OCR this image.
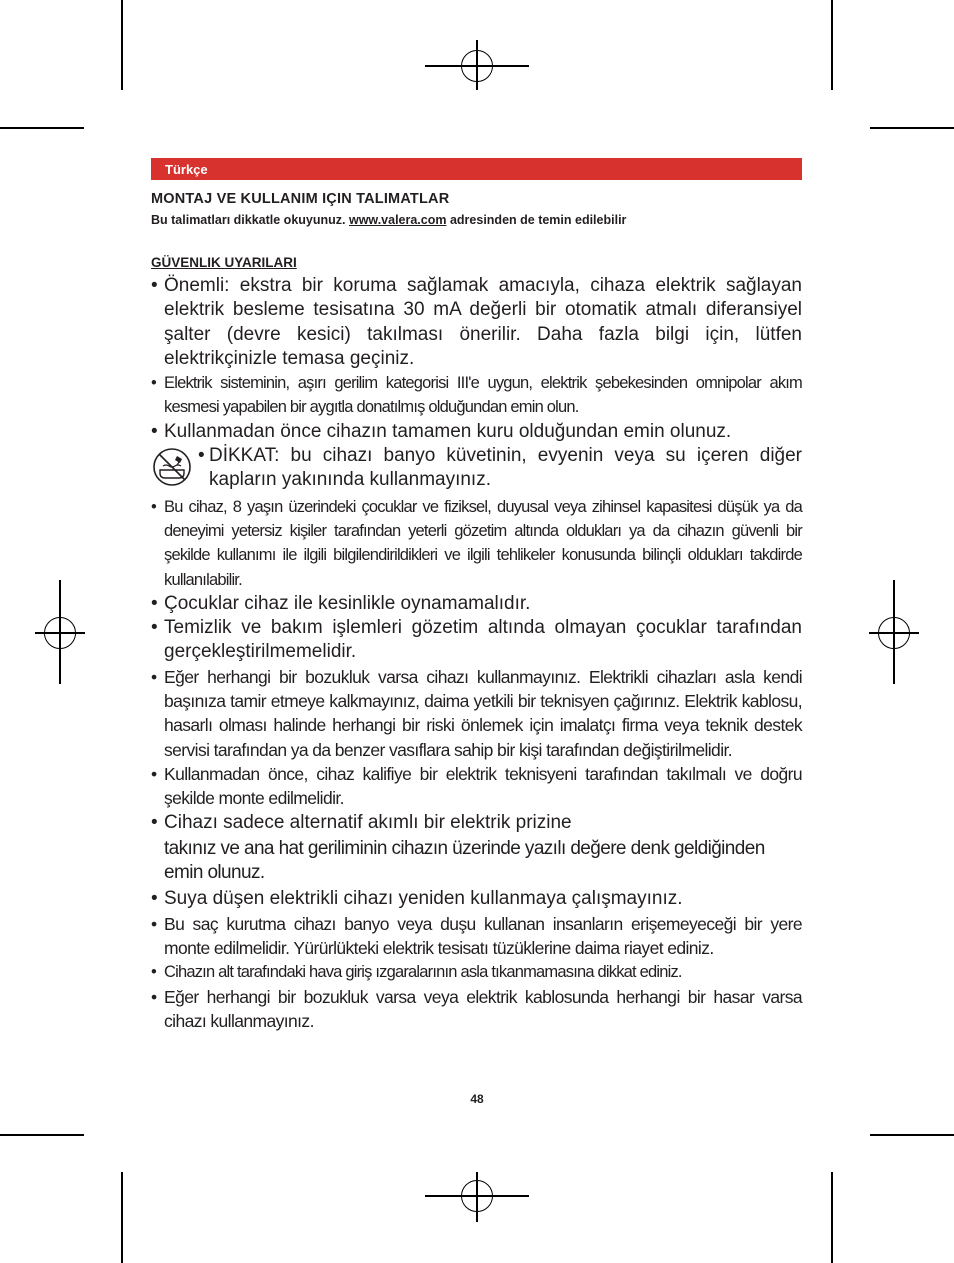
Türkçe
MONTAJ VE KULLANIM IÇIN TALIMATLAR
Bu talimatları dikkatle okuyunuz. www.valera.com adresinden de temin edilebilir
GÜVENLIK UYARILARI
• Önemli: ekstra bir koruma sağlamak amacıyla, cihaza elektrik sağlayan elektrik besleme tesisatına 30 mA değerli bir otomatik atmalı diferansiyel şalter (devre kesici) takılması önerilir. Daha fazla bilgi için, lütfen elektrikçinizle temasa geçiniz.
• Elektrik sisteminin, aşırı gerilim kategorisi III'e uygun, elektrik şebekesinden omnipolar akım kesmesi yapabilen bir aygıtla donatılmış olduğundan emin olun.
• Kullanmadan önce cihazın tamamen kuru olduğundan emin olunuz.
• DİKKAT: bu cihazı banyo küvetinin, evyenin veya su içeren diğer kapların yakınında kullanmayınız.
• Bu cihaz, 8 yaşın üzerindeki çocuklar ve fiziksel, duyusal veya zihinsel kapasitesi düşük ya da deneyimi yetersiz kişiler tarafından yeterli gözetim altında oldukları ya da cihazın güvenli bir şekilde kullanımı ile ilgili bilgilendirildikleri ve ilgili tehlikeler konusunda bilinçli oldukları takdirde kullanılabilir.
• Çocuklar cihaz ile kesinlikle oynamamalıdır.
• Temizlik ve bakım işlemleri gözetim altında olmayan çocuklar tarafından gerçekleştirilmemelidir.
• Eğer herhangi bir bozukluk varsa cihazı kullanmayınız. Elektrikli cihazları asla kendi başınıza tamir etmeye kalkmayınız, daima yetkili bir teknisyen çağırınız. Elektrik kablosu, hasarlı olması halinde herhangi bir riski önlemek için imalatçı firma veya teknik destek servisi tarafından ya da benzer vasıflara sahip bir kişi tarafından değiştirilmelidir.
• Kullanmadan önce, cihaz kalifiye bir elektrik teknisyeni tarafından takılmalı ve doğru şekilde monte edilmelidir.
• Cihazı sadece alternatif akımlı bir elektrik prizine
takınız ve ana hat geriliminin cihazın üzerinde yazılı değere denk geldiğinden emin olunuz.
• Suya düşen elektrikli cihazı yeniden kullanmaya çalışmayınız.
• Bu saç kurutma cihazı banyo veya duşu kullanan insanların erişemeyeceği bir yere monte edilmelidir. Yürürlükteki elektrik tesisatı tüzüklerine daima riayet ediniz.
• Cihazın alt tarafındaki hava giriş ızgaralarının asla tıkanmamasına dikkat ediniz.
• Eğer herhangi bir bozukluk varsa veya elektrik kablosunda herhangi bir hasar varsa cihazı kullanmayınız.
48
